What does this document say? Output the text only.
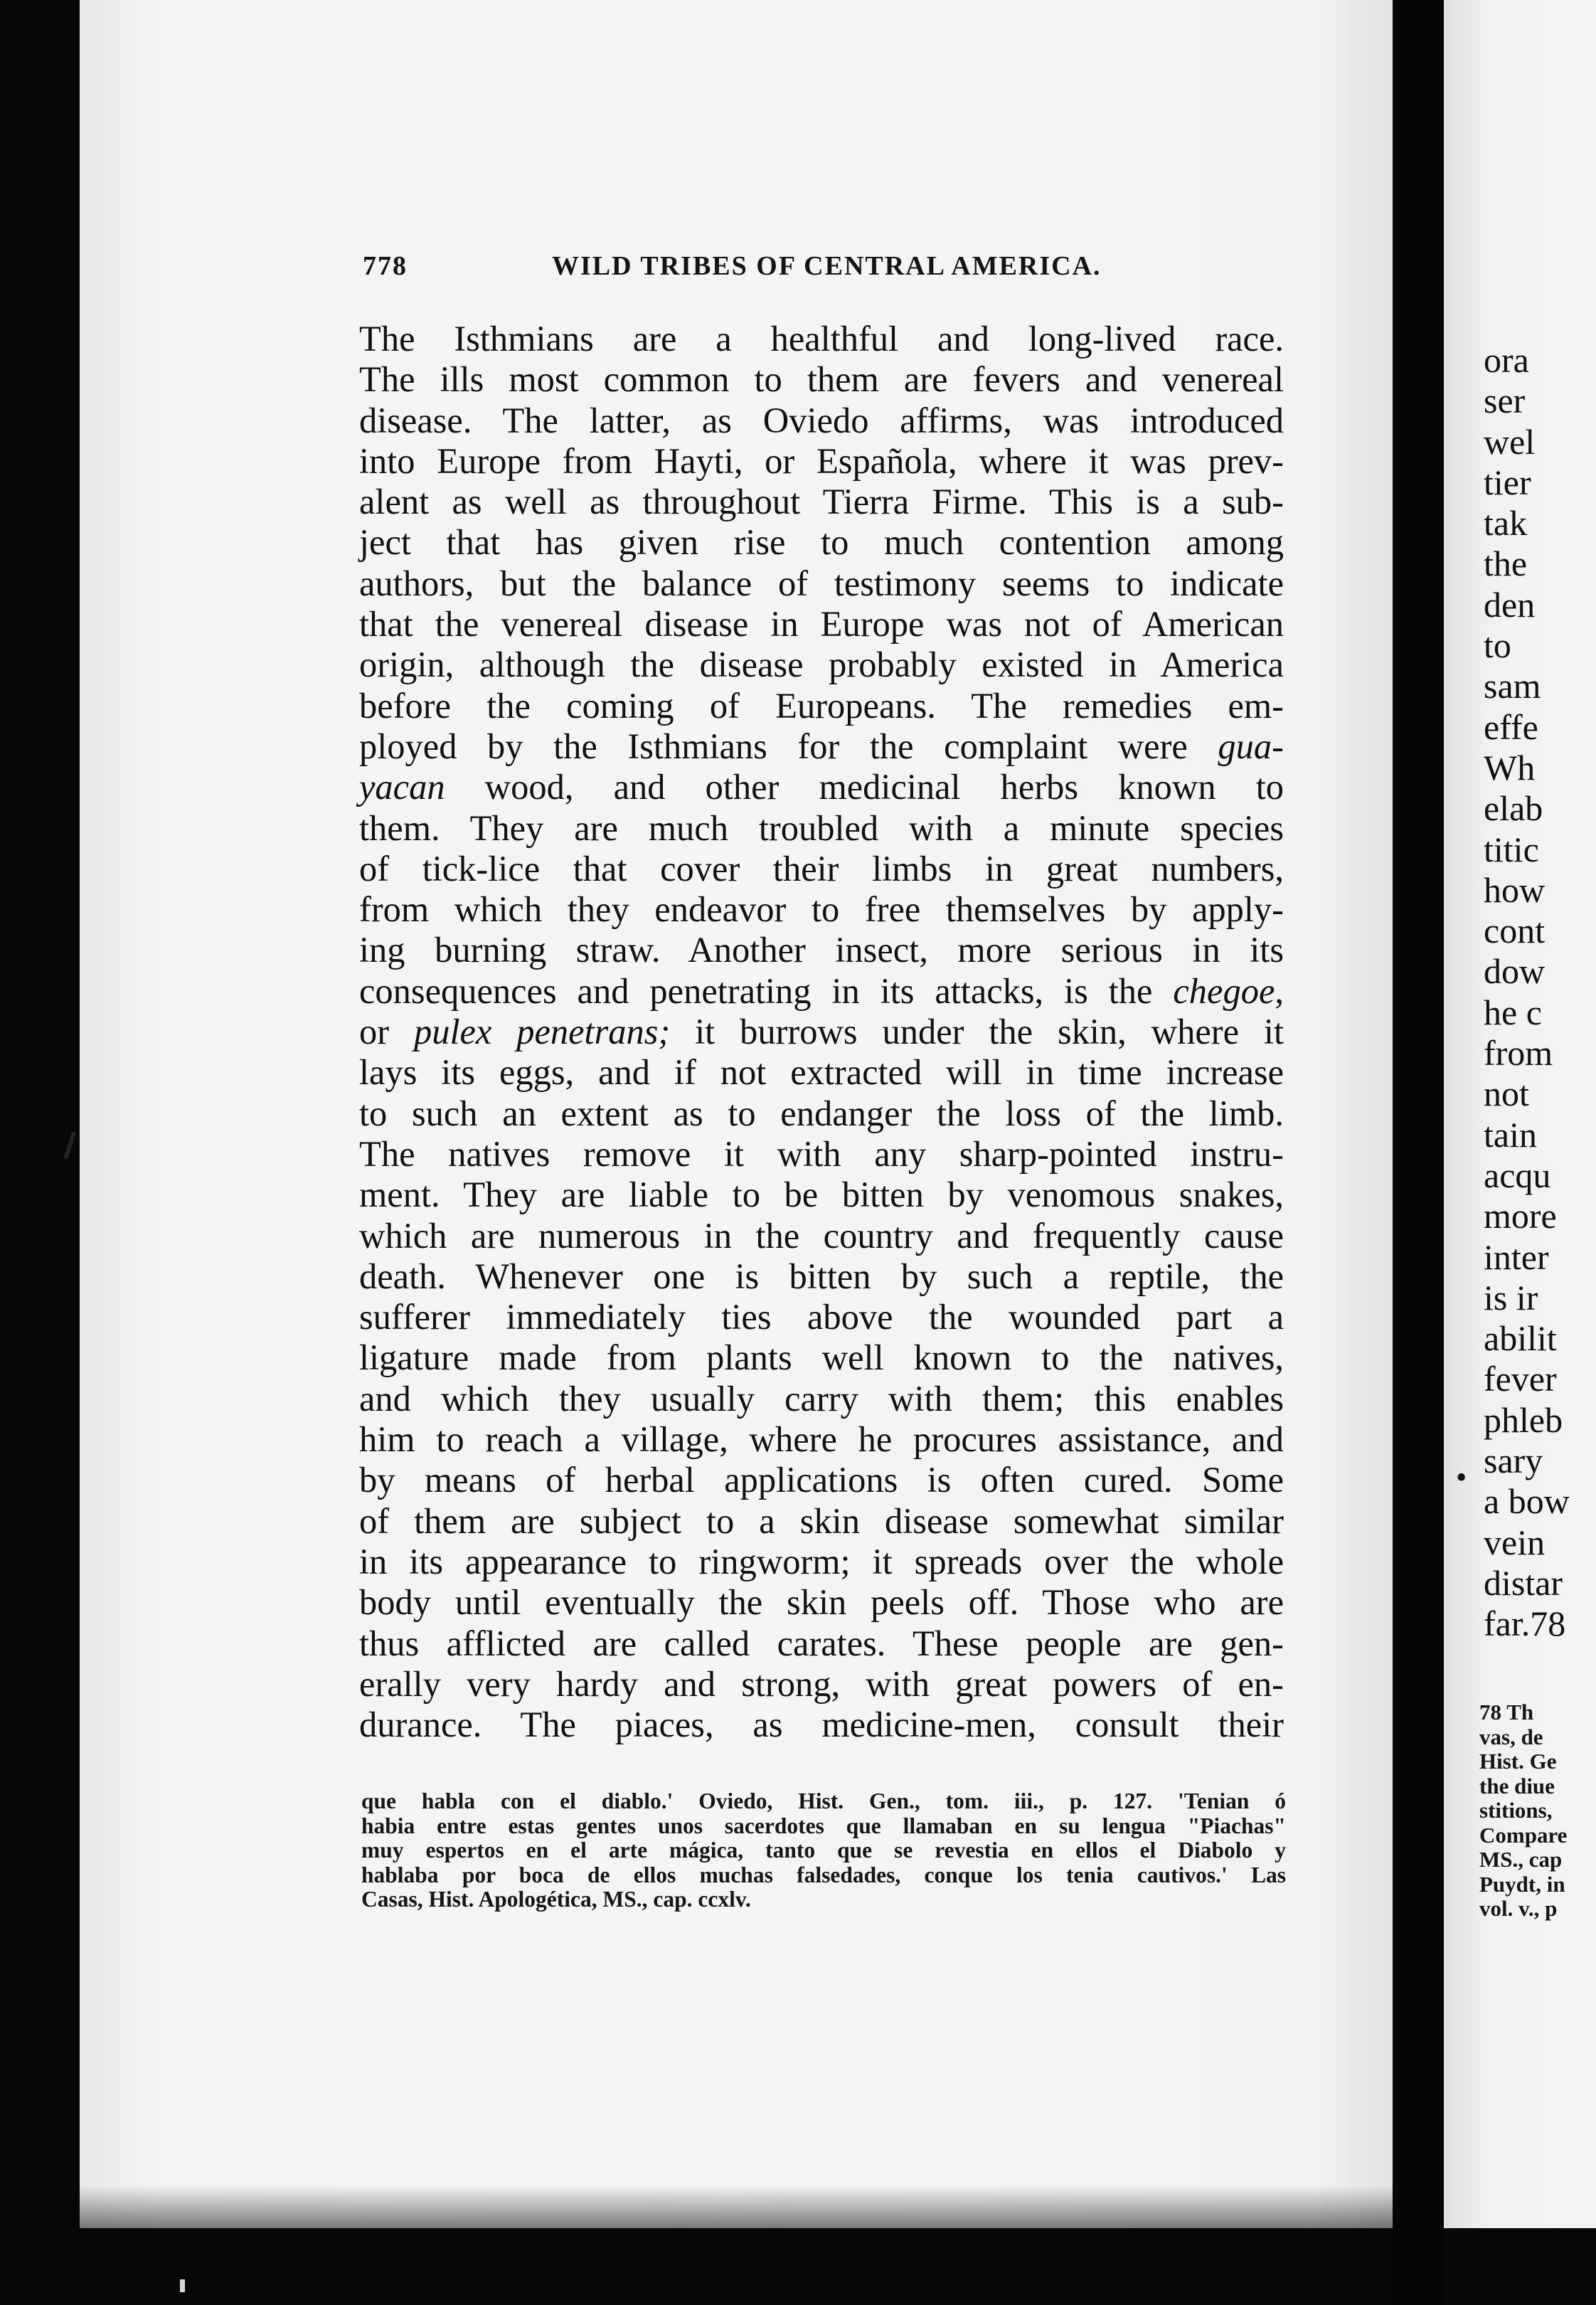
778	WILD TRIBES OF CENTRAL AMERICA.
The Isthmians are a healthful and long-lived race.
The ills most common to them are fevers and venereal
disease. The latter, as Oviedo affirms, was introduced
into Europe from Hayti, or Española, where it was prev-
alent as well as throughout Tierra Firme. This is a sub-
ject that has given rise to much contention among
authors, but the balance of testimony seems to indicate
that the venereal disease in Europe was not of American
origin, although the disease probably existed in America
before the coming of Europeans. The remedies em-
ployed by the Isthmians for the complaint were gua-
yacan wood, and other medicinal herbs known to
them. They are much troubled with a minute species
of tick-lice that cover their limbs in great numbers,
from which they endeavor to free themselves by apply-
ing burning straw. Another insect, more serious in its
consequences and penetrating in its attacks, is the chegoe,
or pulex penetrans; it burrows under the skin, where it
lays its eggs, and if not extracted will in time increase
to such an extent as to endanger the loss of the limb.
The natives remove it with any sharp-pointed instru-
ment. They are liable to be bitten by venomous snakes,
which are numerous in the country and frequently cause
death. Whenever one is bitten by such a reptile, the
sufferer immediately ties above the wounded part a
ligature made from plants well known to the natives,
and which they usually carry with them; this enables
him to reach a village, where he procures assistance, and
by means of herbal applications is often cured. Some
of them are subject to a skin disease somewhat similar
in its appearance to ringworm; it spreads over the whole
body until eventually the skin peels off. Those who are
thus afflicted are called carates. These people are gen-
erally very hardy and strong, with great powers of en-
durance. The piaces, as medicine-men, consult their
que habla con el diablo.' Oviedo, Hist. Gen., tom. iii., p. 127. 'Tenian ó
habia entre estas gentes unos sacerdotes que llamaban en su lengua "Piachas"
muy espertos en el arte mágica, tanto que se revestia en ellos el Diabolo y
hablaba por boca de ellos muchas falsedades, conque los tenia cautivos.' Las
Casas, Hist. Apologética, MS., cap. ccxlv.
ora
ser
wel
tier
tak
the
den
to
sam
effe
Wh
elab
titic
how
cont
dow
he c
from
not
tain
acqu
more
inter
is ir
abilit
fever
phleb
sary
a bow
vein
distar
far.78
•
78 Th
vas, de
Hist. Ge
the diue
stitions,
Compare
MS., cap
Puydt, in
vol. v., p
